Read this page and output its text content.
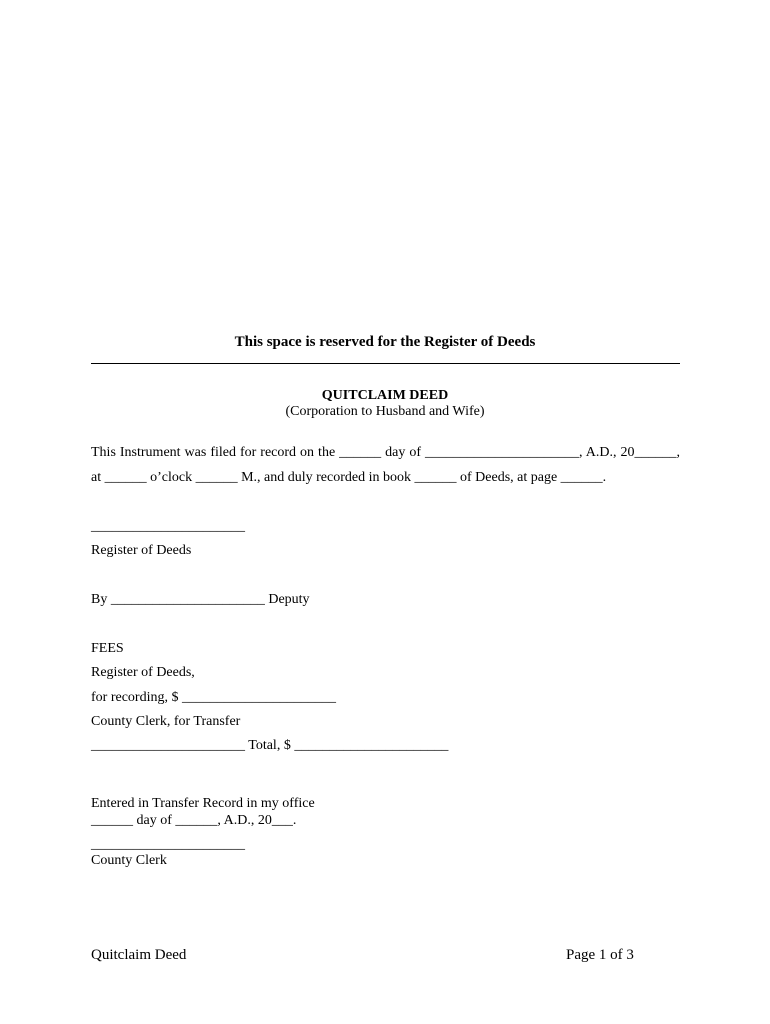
This space is reserved for the Register of Deeds
QUITCLAIM DEED
(Corporation to Husband and Wife)
This Instrument was filed for record on the ______ day of ______________________, A.D., 20______,
at ______ o’clock ______ M., and duly recorded in book ______ of Deeds, at page ______.
______________________
Register of Deeds
By ______________________ Deputy
FEES
Register of Deeds,
for recording, $ ______________________
County Clerk, for Transfer
______________________ Total, $ ______________________
Entered in Transfer Record in my office
______ day of ______, A.D., 20___.
______________________
County Clerk
Quitclaim Deed	Page 1 of 3
